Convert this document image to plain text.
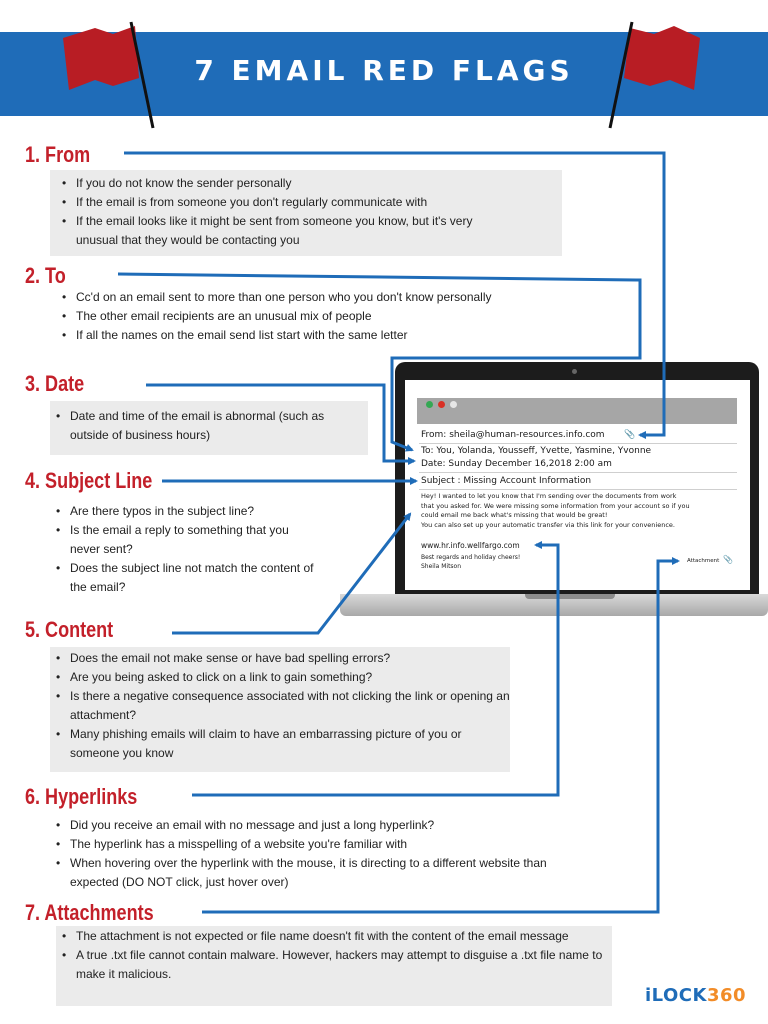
7 EMAIL RED FLAGS
1. From
• If you do not know the sender personally
• If the email is from someone you don't regularly communicate with
• If the email looks like it might be sent from someone you know, but it's very unusual that they would be contacting you
2. To
• Cc'd on an email sent to more than one person who you don't know personally
• The other email recipients are an unusual mix of people
• If all the names on the email send list start with the same letter
3. Date
• Date and time of the email is abnormal (such as outside of business hours)
4. Subject Line
• Are there typos in the subject line?
• Is the email a reply to something that you never sent?
• Does the subject line not match the content of the email?
5. Content
• Does the email not make sense or have bad spelling errors?
• Are you being asked to click on a link to gain something?
• Is there a negative consequence associated with not clicking the link or opening an attachment?
• Many phishing emails will claim to have an embarrassing picture of you or someone you know
6. Hyperlinks
• Did you receive an email with no message and just a long hyperlink?
• The hyperlink has a misspelling of a website you're familiar with
• When hovering over the hyperlink with the mouse, it is directing to a different website than expected (DO NOT click, just hover over)
7. Attachments
• The attachment is not expected or file name doesn't fit with the content of the email message
• A true .txt file cannot contain malware. However, hackers may attempt to disguise a .txt file name to make it malicious.
From: sheila@human-resources.info.com 📎
To: You, Yolanda, Yousseff, Yvette, Yasmine, Yvonne
Date: Sunday December 16,2018 2:00 am
Subject : Missing Account Information
Hey! I wanted to let you know that I'm sending over the documents from work
that you asked for. We were missing some information from your account so if you
could email me back what's missing that would be great!
You can also set up your automatic transfer via this link for your convenience.
www.hr.info.wellfargo.com
Best regards and holiday cheers!
Sheila Mitson
Attachment 📎
iLOCK360
